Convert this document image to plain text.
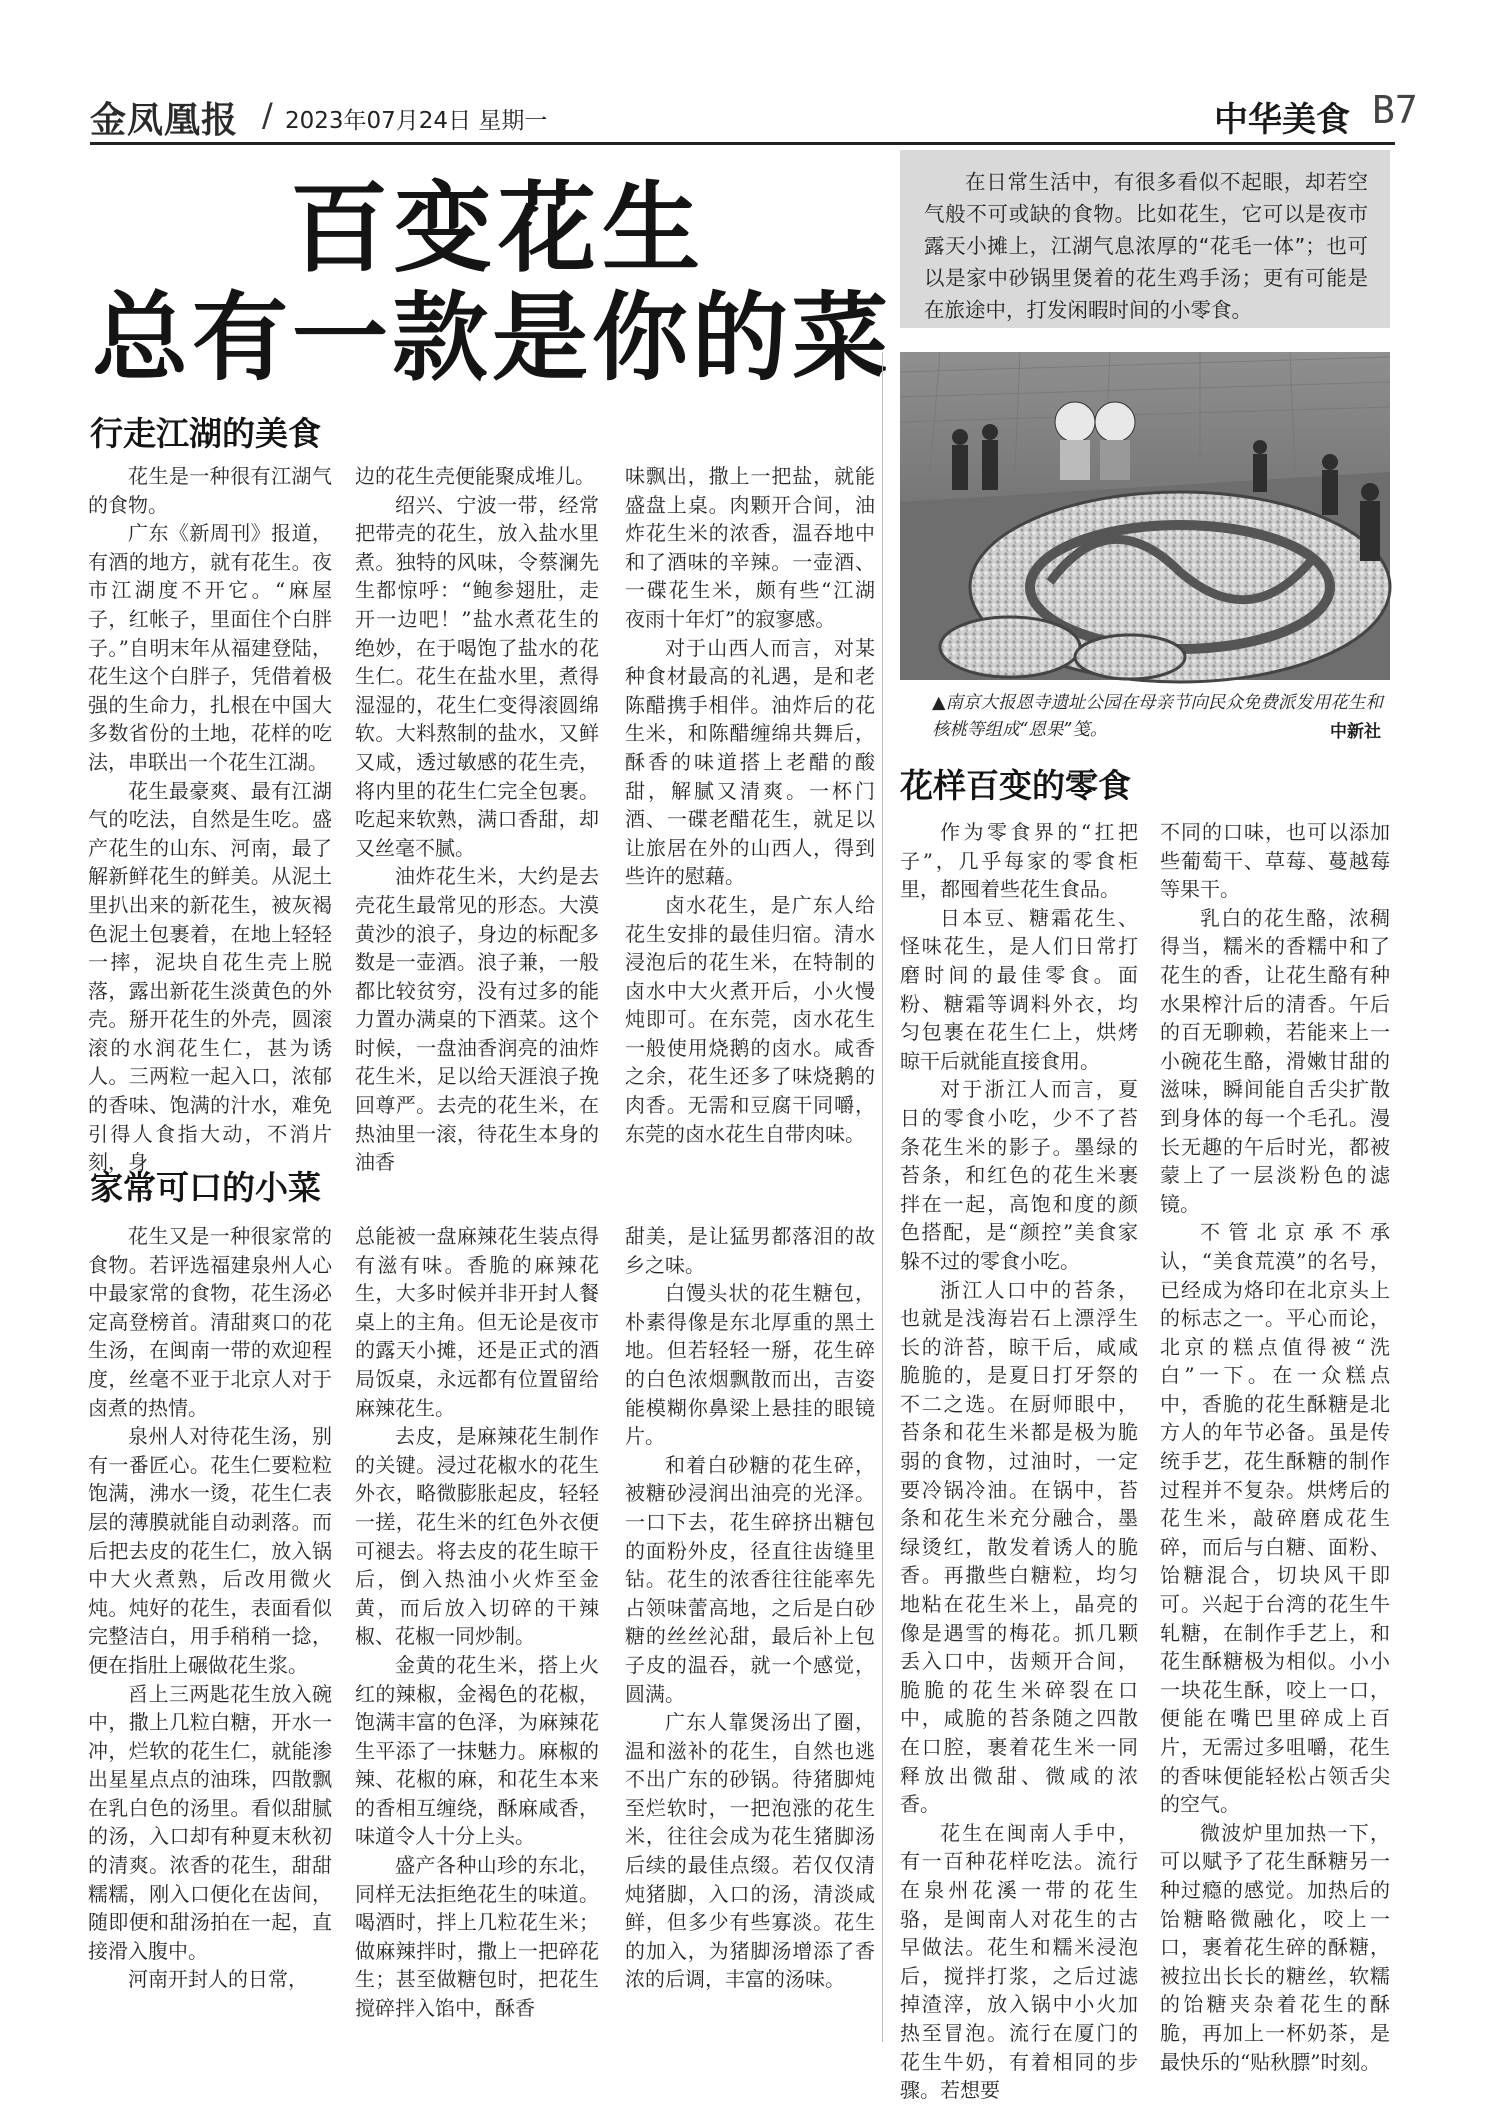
金凤凰报 / 2023年07月24日 星期一	中华美食 B7
百变花生
总有一款是你的菜
在日常生活中，有很多看似不起眼，却若空气般不可或缺的食物。比如花生，它可以是夜市露天小摊上，江湖气息浓厚的“花毛一体”；也可以是家中砂锅里煲着的花生鸡手汤；更有可能是在旅途中，打发闲暇时间的小零食。
▲南京大报恩寺遗址公园在母亲节向民众免费派发用花生和核桃等组成“恩果”笺。	中新社
行走江湖的美食

花生是一种很有江湖气的食物。

广东《新周刊》报道，有酒的地方，就有花生。夜市江湖度不开它。“麻屋子，红帐子，里面住个白胖子。”自明末年从福建登陆，花生这个白胖子，凭借着极强的生命力，扎根在中国大多数省份的土地，花样的吃法，串联出一个花生江湖。

花生最豪爽、最有江湖气的吃法，自然是生吃。盛产花生的山东、河南，最了解新鲜花生的鲜美。从泥土里扒出来的新花生，被灰褐色泥土包裹着，在地上轻轻一摔，泥块自花生壳上脱落，露出新花生淡黄色的外壳。掰开花生的外壳，圆滚滚的水润花生仁，甚为诱人。三两粒一起入口，浓郁的香味、饱满的汁水，难免引得人食指大动，不消片刻，身

边的花生壳便能聚成堆儿。

绍兴、宁波一带，经常把带壳的花生，放入盐水里煮。独特的风味，令蔡澜先生都惊呼：“鲍参翅肚，走开一边吧！”盐水煮花生的绝妙，在于喝饱了盐水的花生仁。花生在盐水里，煮得湿湿的，花生仁变得滚圆绵软。大料熬制的盐水，又鲜又咸，透过敏感的花生壳，将内里的花生仁完全包裹。吃起来软熟，满口香甜，却又丝毫不腻。

油炸花生米，大约是去壳花生最常见的形态。大漠黄沙的浪子，身边的标配多数是一壶酒。浪子兼，一般都比较贫穷，没有过多的能力置办满桌的下酒菜。这个时候，一盘油香润亮的油炸花生米，足以给天涯浪子挽回尊严。去壳的花生米，在热油里一滚，待花生本身的油香

味飘出，撒上一把盐，就能盛盘上桌。肉颗开合间，油炸花生米的浓香，温吞地中和了酒味的辛辣。一壶酒、一碟花生米，颇有些“江湖夜雨十年灯”的寂寥感。

对于山西人而言，对某种食材最高的礼遇，是和老陈醋携手相伴。油炸后的花生米，和陈醋缠绵共舞后，酥香的味道搭上老醋的酸甜，解腻又清爽。一杯门酒、一碟老醋花生，就足以让旅居在外的山西人，得到些许的慰藉。

卤水花生，是广东人给花生安排的最佳归宿。清水浸泡后的花生米，在特制的卤水中大火煮开后，小火慢炖即可。在东莞，卤水花生一般使用烧鹅的卤水。咸香之余，花生还多了味烧鹅的肉香。无需和豆腐干同嚼，东莞的卤水花生自带肉味。

家常可口的小菜

花生又是一种很家常的食物。若评选福建泉州人心中最家常的食物，花生汤必定高登榜首。清甜爽口的花生汤，在闽南一带的欢迎程度，丝毫不亚于北京人对于卤煮的热情。

泉州人对待花生汤，别有一番匠心。花生仁要粒粒饱满，沸水一烫，花生仁表层的薄膜就能自动剥落。而后把去皮的花生仁，放入锅中大火煮熟，后改用微火炖。炖好的花生，表面看似完整洁白，用手稍稍一捻，便在指肚上碾做花生浆。

舀上三两匙花生放入碗中，撒上几粒白糖，开水一冲，烂软的花生仁，就能渗出星星点点的油珠，四散飘在乳白色的汤里。看似甜腻的汤，入口却有种夏末秋初的清爽。浓香的花生，甜甜糯糯，刚入口便化在齿间，随即便和甜汤拍在一起，直接滑入腹中。

河南开封人的日常，

总能被一盘麻辣花生装点得有滋有味。香脆的麻辣花生，大多时候并非开封人餐桌上的主角。但无论是夜市的露天小摊，还是正式的酒局饭桌，永远都有位置留给麻辣花生。

去皮，是麻辣花生制作的关键。浸过花椒水的花生外衣，略微膨胀起皮，轻轻一搓，花生米的红色外衣便可褪去。将去皮的花生晾干后，倒入热油小火炸至金黄，而后放入切碎的干辣椒、花椒一同炒制。

金黄的花生米，搭上火红的辣椒，金褐色的花椒，饱满丰富的色泽，为麻辣花生平添了一抹魅力。麻椒的辣、花椒的麻，和花生本来的香相互缠绕，酥麻咸香，味道令人十分上头。

盛产各种山珍的东北，同样无法拒绝花生的味道。喝酒时，拌上几粒花生米；做麻辣拌时，撒上一把碎花生；甚至做糖包时，把花生搅碎拌入馅中，酥香

甜美，是让猛男都落泪的故乡之味。

白馒头状的花生糖包，朴素得像是东北厚重的黑土地。但若轻轻一掰，花生碎的白色浓烟飘散而出，吉姿能模糊你鼻梁上悬挂的眼镜片。

和着白砂糖的花生碎，被糖砂浸润出油亮的光泽。一口下去，花生碎挤出糖包的面粉外皮，径直往齿缝里钻。花生的浓香往往能率先占领味蕾高地，之后是白砂糖的丝丝沁甜，最后补上包子皮的温吞，就一个感觉，圆满。

广东人靠煲汤出了圈，温和滋补的花生，自然也逃不出广东的砂锅。待猪脚炖至烂软时，一把泡涨的花生米，往往会成为花生猪脚汤后续的最佳点缀。若仅仅清炖猪脚，入口的汤，清淡咸鲜，但多少有些寡淡。花生的加入，为猪脚汤增添了香浓的后调，丰富的汤味。

花样百变的零食

作为零食界的“扛把子”，几乎每家的零食柜里，都囤着些花生食品。

日本豆、糖霜花生、怪味花生，是人们日常打磨时间的最佳零食。面粉、糖霜等调料外衣，均匀包裹在花生仁上，烘烤晾干后就能直接食用。

对于浙江人而言，夏日的零食小吃，少不了苔条花生米的影子。墨绿的苔条，和红色的花生米裹拌在一起，高饱和度的颜色搭配，是“颜控”美食家躲不过的零食小吃。

浙江人口中的苔条，也就是浅海岩石上漂浮生长的浒苔，晾干后，咸咸脆脆的，是夏日打牙祭的不二之选。在厨师眼中，苔条和花生米都是极为脆弱的食物，过油时，一定要冷锅冷油。在锅中，苔条和花生米充分融合，墨绿烫红，散发着诱人的脆香。再撒些白糖粒，均匀地粘在花生米上，晶亮的像是遇雪的梅花。抓几颗丢入口中，齿颊开合间，脆脆的花生米碎裂在口中，咸脆的苔条随之四散在口腔，裹着花生米一同释放出微甜、微咸的浓香。

花生在闽南人手中，有一百种花样吃法。流行在泉州花溪一带的花生骆，是闽南人对花生的古早做法。花生和糯米浸泡后，搅拌打浆，之后过滤掉渣滓，放入锅中小火加热至冒泡。流行在厦门的花生牛奶，有着相同的步骤。若想要

不同的口味，也可以添加些葡萄干、草莓、蔓越莓等果干。

乳白的花生酪，浓稠得当，糯米的香糯中和了花生的香，让花生酪有种水果榨汁后的清香。午后的百无聊赖，若能来上一小碗花生酪，滑嫩甘甜的滋味，瞬间能自舌尖扩散到身体的每一个毛孔。漫长无趣的午后时光，都被蒙上了一层淡粉色的滤镜。

不管北京承不承认，“美食荒漠”的名号，已经成为烙印在北京头上的标志之一。平心而论，北京的糕点值得被“洗白”一下。在一众糕点中，香脆的花生酥糖是北方人的年节必备。虽是传统手艺，花生酥糖的制作过程并不复杂。烘烤后的花生米，敲碎磨成花生碎，而后与白糖、面粉、饴糖混合，切块风干即可。兴起于台湾的花生牛轧糖，在制作手艺上，和花生酥糖极为相似。小小一块花生酥，咬上一口，便能在嘴巴里碎成上百片，无需过多咀嚼，花生的香味便能轻松占领舌尖的空气。

微波炉里加热一下，可以赋予了花生酥糖另一种过瘾的感觉。加热后的饴糖略微融化，咬上一口，裹着花生碎的酥糖，被拉出长长的糖丝，软糯的饴糖夹杂着花生的酥脆，再加上一杯奶茶，是最快乐的“贴秋膘”时刻。
